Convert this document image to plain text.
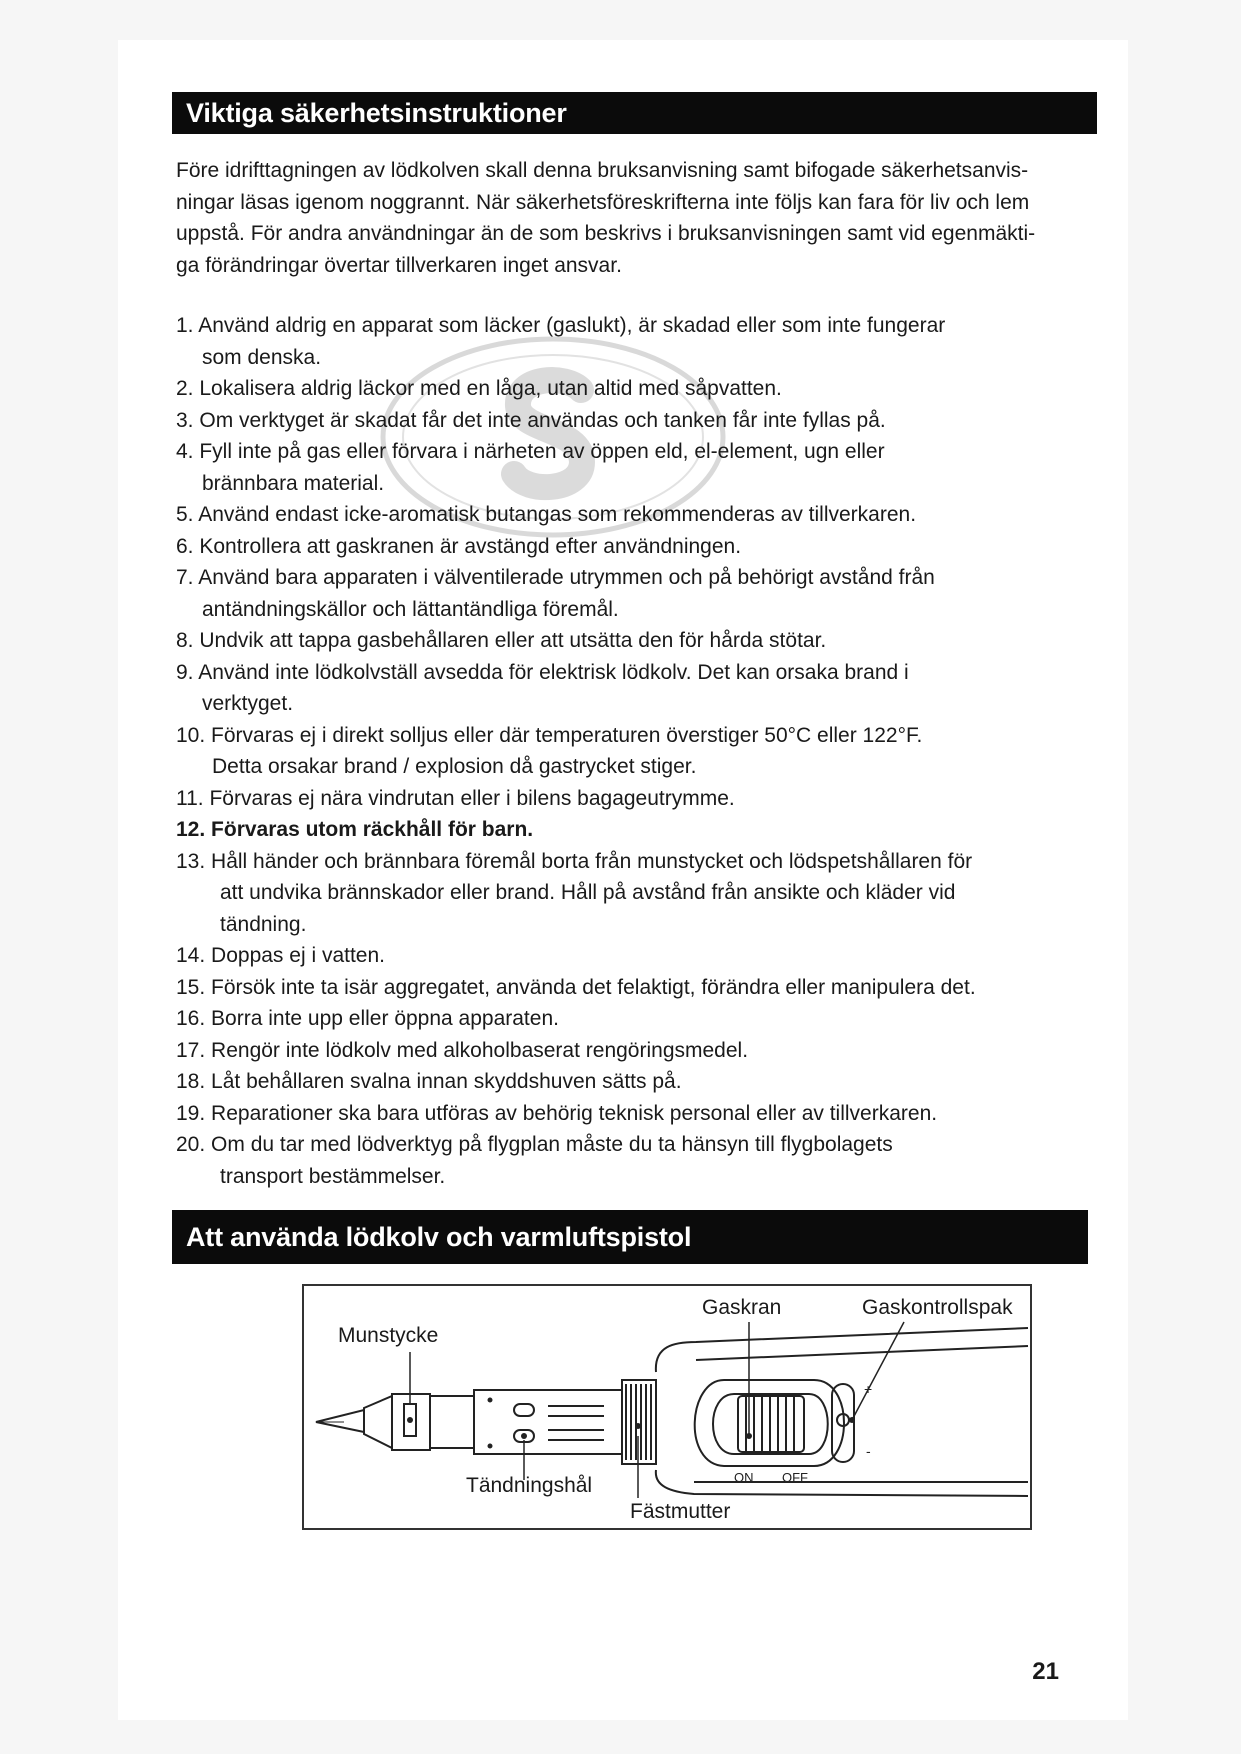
Viktiga säkerhetsinstruktioner
Före idrifttagningen av lödkolven skall denna bruksanvisning samt bifogade säkerhetsanvis-
ningar läsas igenom noggrannt. När säkerhetsföreskrifterna inte följs kan fara för liv och lem
uppstå. För andra användningar än de som beskrivs i bruksanvisningen samt vid egenmäkti-
ga förändringar övertar tillverkaren inget ansvar.
1. Använd aldrig en apparat som läcker (gaslukt), är skadad eller som inte fungerar
som denska.
2. Lokalisera aldrig läckor med en låga, utan altid med såpvatten.
3. Om verktyget är skadat får det inte användas och tanken får inte fyllas på.
4. Fyll inte på gas eller förvara i närheten av öppen eld, el-element, ugn eller
brännbara material.
5. Använd endast icke-aromatisk butangas som rekommenderas av tillverkaren.
6. Kontrollera att gaskranen är avstängd efter användningen.
7. Använd bara apparaten i välventilerade utrymmen och på behörigt avstånd från
antändningskällor och lättantändliga föremål.
8. Undvik att tappa gasbehållaren eller att utsätta den för hårda stötar.
9. Använd inte lödkolvställ avsedda för elektrisk lödkolv. Det kan orsaka brand i
verktyget.
10. Förvaras ej i direkt solljus eller där temperaturen överstiger 50°C eller 122°F.
Detta orsakar brand / explosion då gastrycket stiger.
11. Förvaras ej nära vindrutan eller i bilens bagageutrymme.
12. Förvaras utom räckhåll för barn.
13. Håll händer och brännbara föremål borta från munstycket och lödspetshållaren för
att undvika brännskador eller brand. Håll på avstånd från ansikte och kläder vid
tändning.
14. Doppas ej i vatten.
15. Försök inte ta isär aggregatet, använda det felaktigt, förändra eller manipulera det.
16. Borra inte upp eller öppna apparaten.
17. Rengör inte lödkolv med alkoholbaserat rengöringsmedel.
18. Låt behållaren svalna innan skyddshuven sätts på.
19. Reparationer ska bara utföras av behörig teknisk personal eller av tillverkaren.
20. Om du tar med lödverktyg på flygplan måste du ta hänsyn till flygbolagets
transport bestämmelser.
Att använda lödkolv och varmluftspistol
ON OFF
+
-
Munstycke
Gaskran	Gaskontrollspak
Tändningshål
Fästmutter
21
